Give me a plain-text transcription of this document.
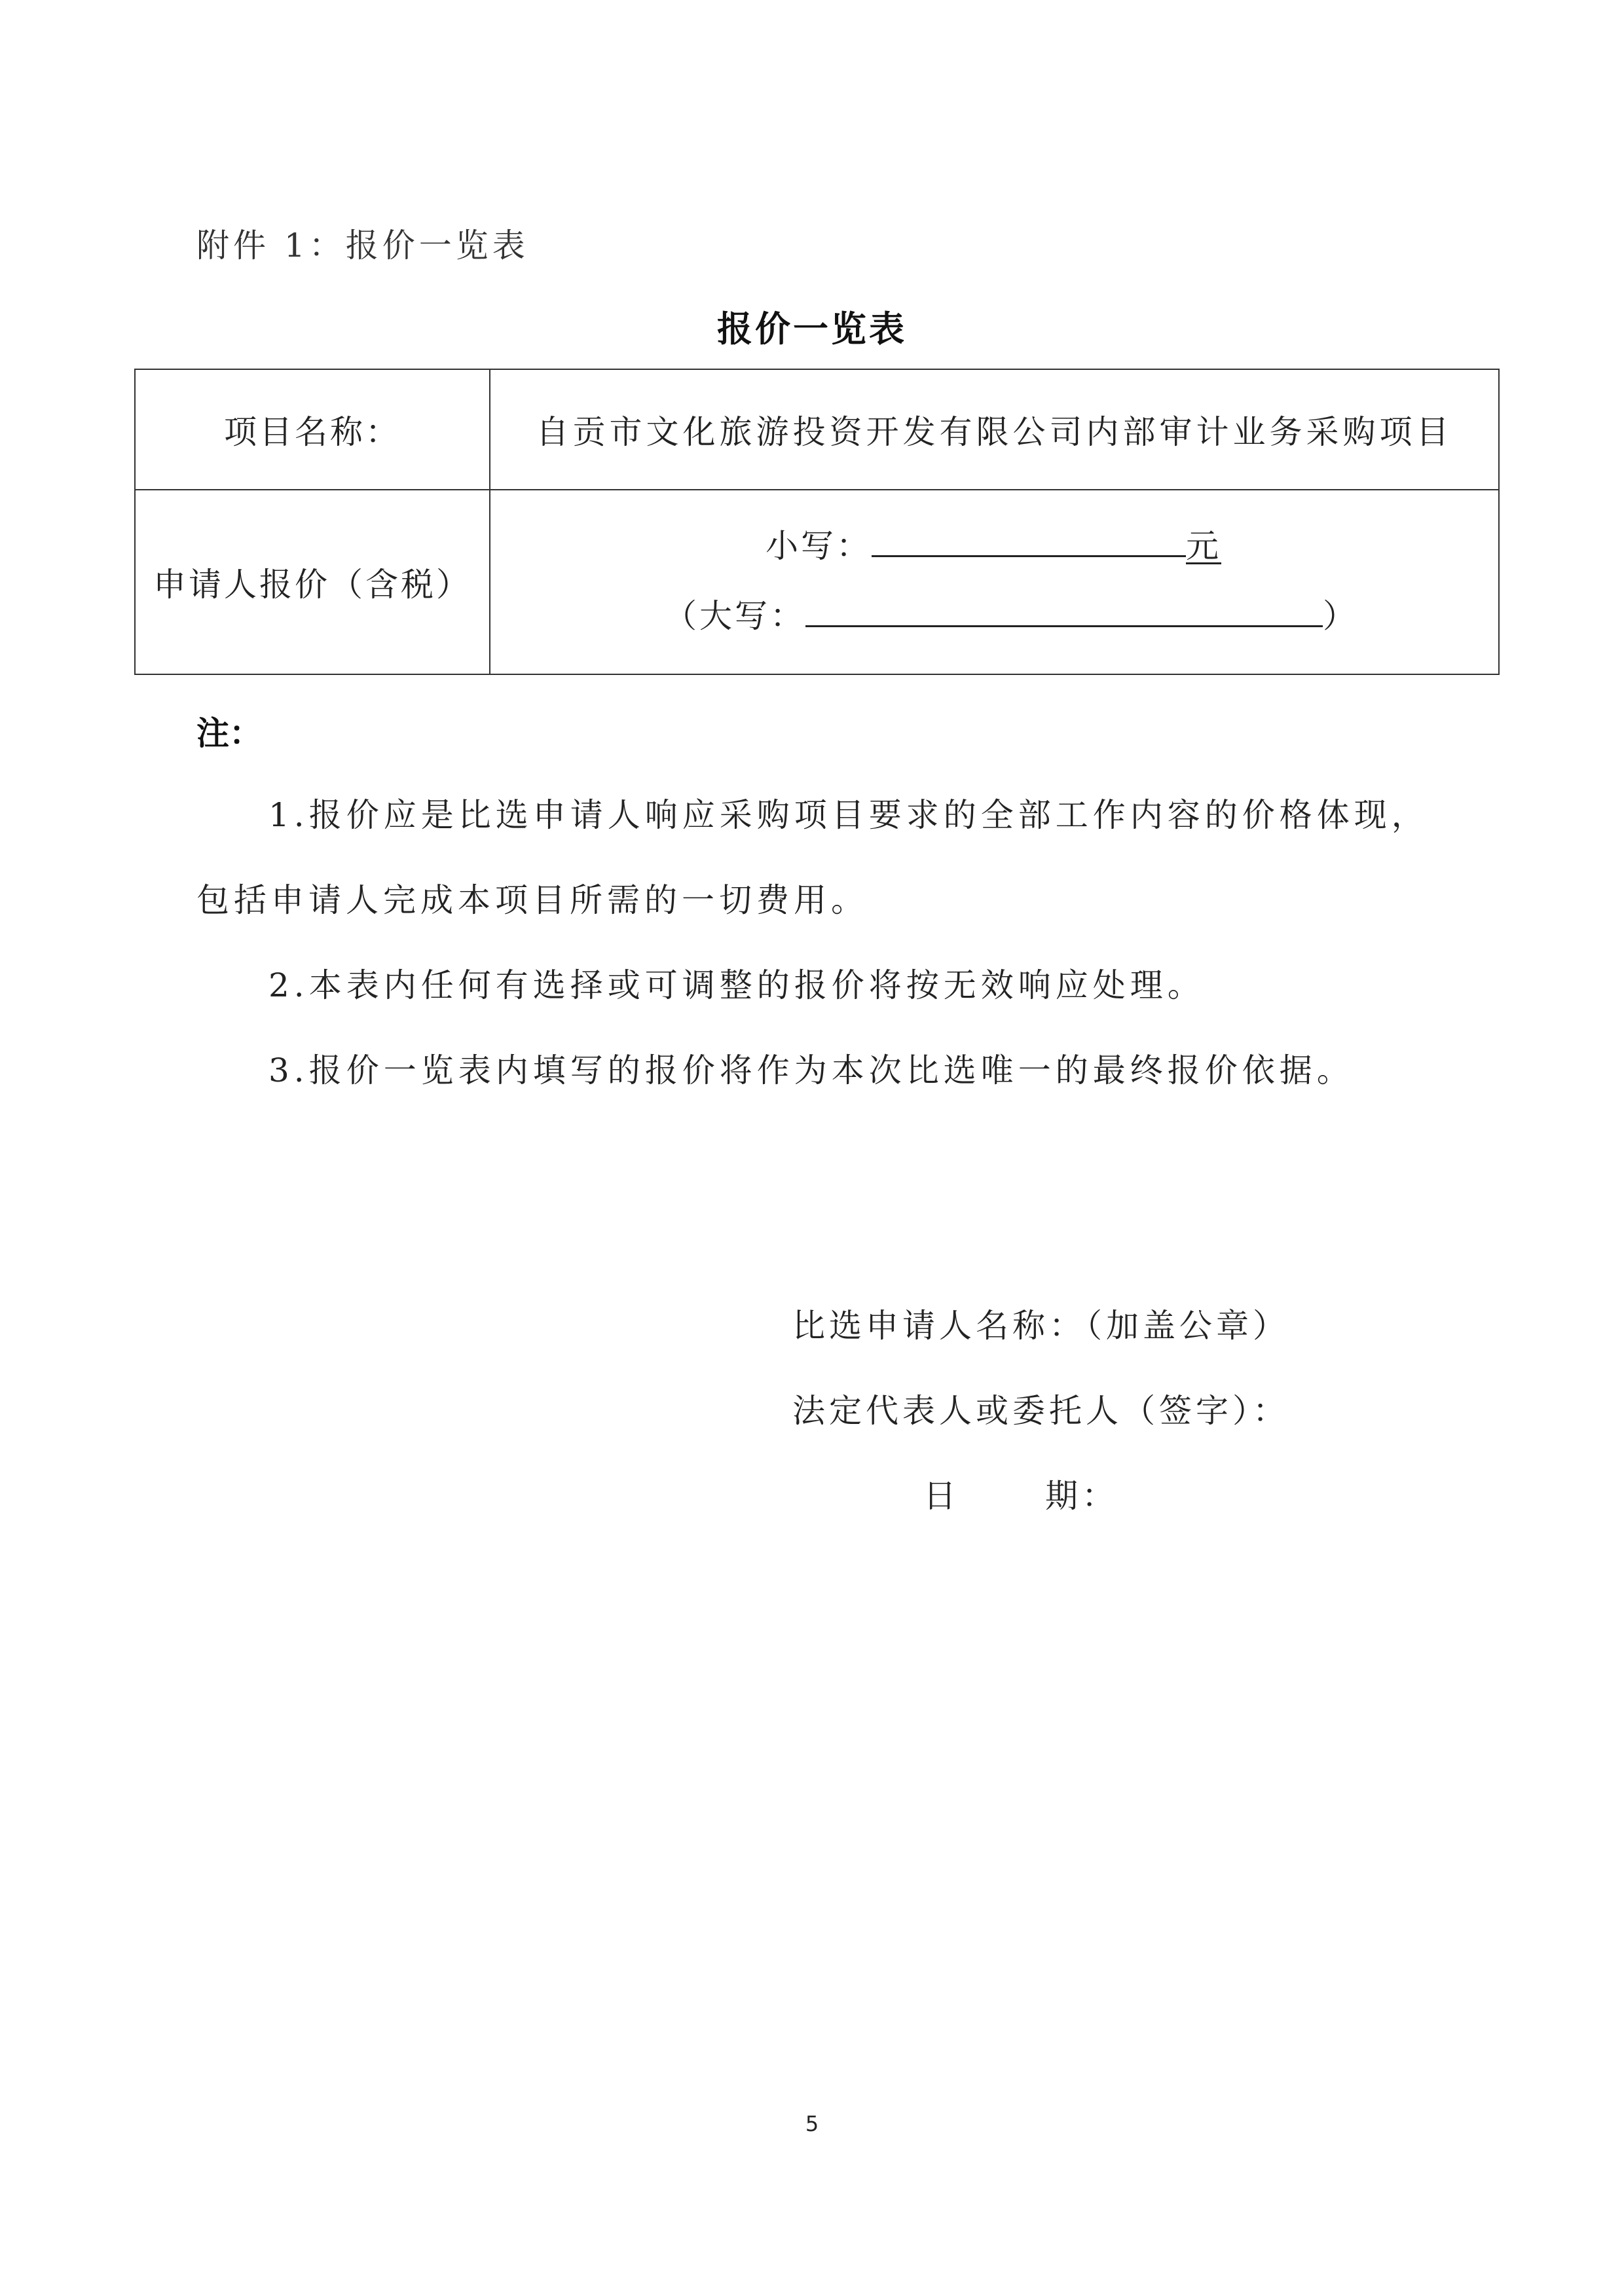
附件 1：报价一览表
报价一览表
项目名称：	自贡市文化旅游投资开发有限公司内部审计业务采购项目
申请人报价（含税）	小写： 元
（大写： ）
注：
1.报价应是比选申请人响应采购项目要求的全部工作内容的价格体现，
包括申请人完成本项目所需的一切费用。
2.本表内任何有选择或可调整的报价将按无效响应处理。
3.报价一览表内填写的报价将作为本次比选唯一的最终报价依据。
比选申请人名称：（加盖公章）
法定代表人或委托人（签字）：
日	期：
5
